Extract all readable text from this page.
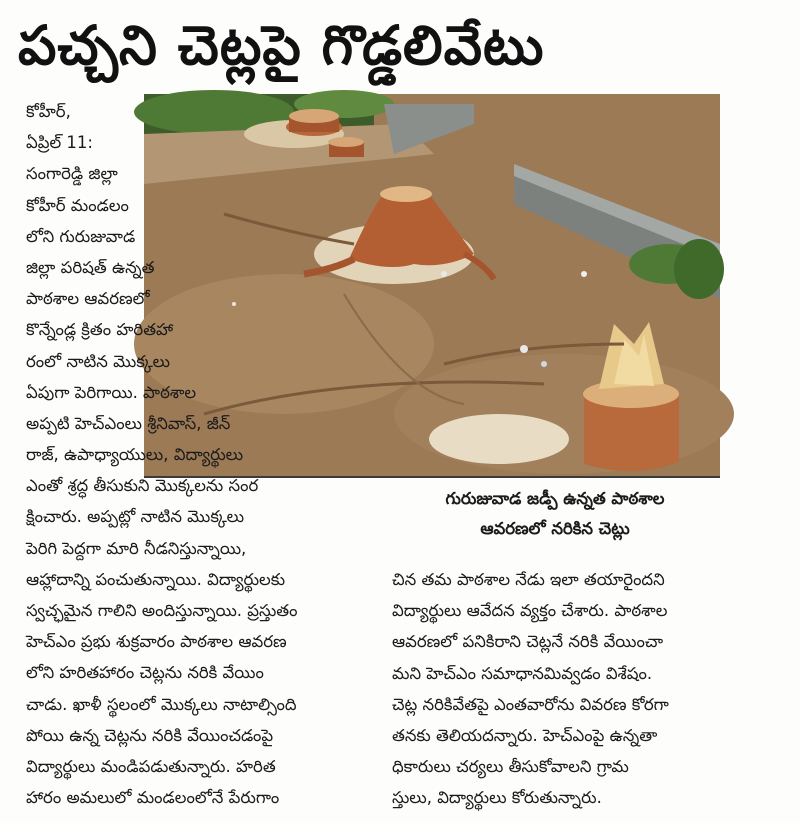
పచ్చని చెట్లపై గొడ్డలివేటు
కోహీర్,
ఏప్రిల్ 11:
సంగారెడ్డి జిల్లా
కోహీర్ మండలం
లోని గురుజువాడ
జిల్లా పరిషత్ ఉన్నత
పాఠశాల ఆవరణలో
కొన్నేండ్ల క్రితం హరితహా
రంలో నాటిన మొక్కలు
ఏపుగా పెరిగాయి. పాఠశాల
అప్పటి హెచ్‌ఎంలు శ్రీనివాస్, జీన్
రాజ్, ఉపాధ్యాయులు, విద్యార్థులు
ఎంతో శ్రద్ధ తీసుకుని మొక్కలను సంర
క్షించారు. అప్పట్లో నాటిన మొక్కలు
పెరిగి పెద్దగా మారి నీడనిస్తున్నాయి,
ఆహ్లాదాన్ని పంచుతున్నాయి. విద్యార్థులకు
స్వచ్ఛమైన గాలిని అందిస్తున్నాయి. ప్రస్తుతం
హెచ్‌ఎం ప్రభు శుక్రవారం పాఠశాల ఆవరణ
లోని హరితహారం చెట్లను నరికి వేయిం
చాడు. ఖాళీ స్థలంలో మొక్కలు నాటాల్సింది
పోయి ఉన్న చెట్లను నరికి వేయించడంపై
విద్యార్థులు మండిపడుతున్నారు. హరిత
హారం అమలులో మండలంలోనే పేరుగాం
గురుజువాడ జడ్పీ ఉన్నత పాఠశాల
ఆవరణలో నరికిన చెట్లు
చిన తమ పాఠశాల నేడు ఇలా తయారైందని
విద్యార్థులు ఆవేదన వ్యక్తం చేశారు. పాఠశాల
ఆవరణలో పనికిరాని చెట్లనే నరికి వేయించా
మని హెచ్‌ఎం సమాధానమివ్వడం విశేషం.
చెట్ల నరికివేతపై ఎంతవారోను వివరణ కోరగా
తనకు తెలియదన్నారు. హెచ్‌ఎంపై ఉన్నతా
ధికారులు చర్యలు తీసుకోవాలని గ్రామ
స్తులు, విద్యార్థులు కోరుతున్నారు.
